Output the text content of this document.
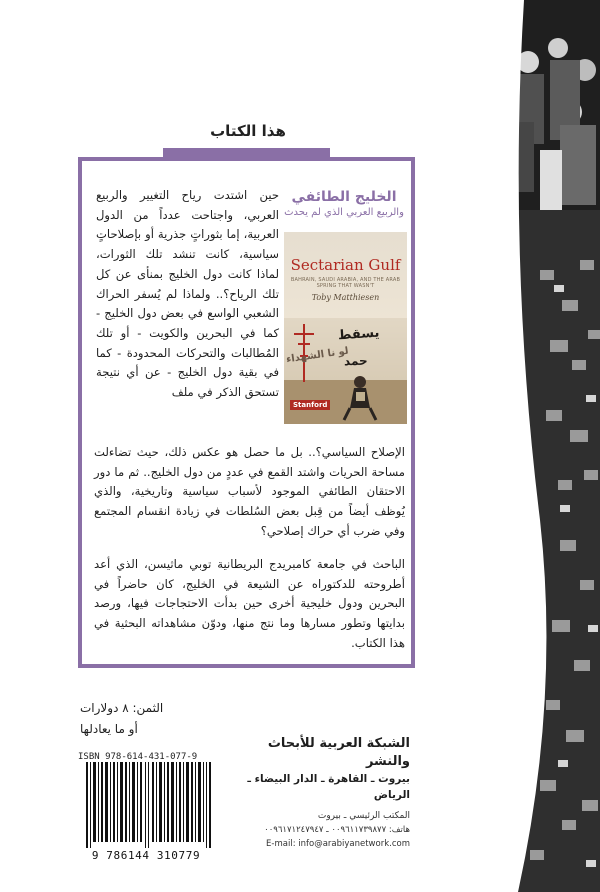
هذا الكتاب
الخليج الطائفي
والربيع العربي الذي لم يحدث
Sectarian Gulf
BAHRAIN, SAUDI ARABIA, AND THE ARAB SPRING THAT WASN'T
Toby Matthiesen
يسقط
حمد
لو نا الشهداء
Stanford

حين اشتدت رياح التغيير والربيع العربي، واجتاحت عدداً من الدول العربية، إما بثوراتٍ جذرية أو بإصلاحاتٍ سياسية، كانت تنشد تلك الثورات، لماذا كانت دول الخليج بمنأى عن كل تلك الرياح؟.. ولماذا لم يُسفر الحراك الشعبي الواسع في بعض دول الخليج - كما في البحرين والكويت - أو تلك المُطالبات والتحركات المحدودة - كما في بقية دول الخليج - عن أي نتيجة تستحق الذكر في ملف

الإصلاح السياسي؟.. بل ما حصل هو عكس ذلك، حيث تضاءلت مساحة الحريات واشتد القمع في عددٍ من دول الخليج.. ثم ما دور الاحتقان الطائفي الموجود لأسباب سياسية وتاريخية، والذي يُوظف أيضاً من قِبل بعض السُلطات في زيادة انقسام المجتمع وفي ضرب أي حراك إصلاحي؟

الباحث في جامعة كامبريدج البريطانية توبي ماثيسن، الذي أعد أطروحته للدكتوراه عن الشيعة في الخليج، كان حاضراً في البحرين ودول خليجية أخرى حين بدأت الاحتجاجات فيها، ورصد بدايتها وتطور مسارها وما نتج منها، ودوّن مشاهداته البحثية في هذا الكتاب.

الثمن: ٨ دولارات
أو ما يعادلها
ISBN 978-614-431-077-9
9 786144 310779
الشبكة العربية للأبحاث والنشر
بيروت ـ القاهرة ـ الدار البيضاء ـ الرياض
المكتب الرئيسي ـ بيروت
هاتف: ٠٠٩٦١١٧٣٩٨٧٧ ـ ٠٠٩٦١٧١٢٤٧٩٤٧
E-mail: info@arabiyanetwork.com
